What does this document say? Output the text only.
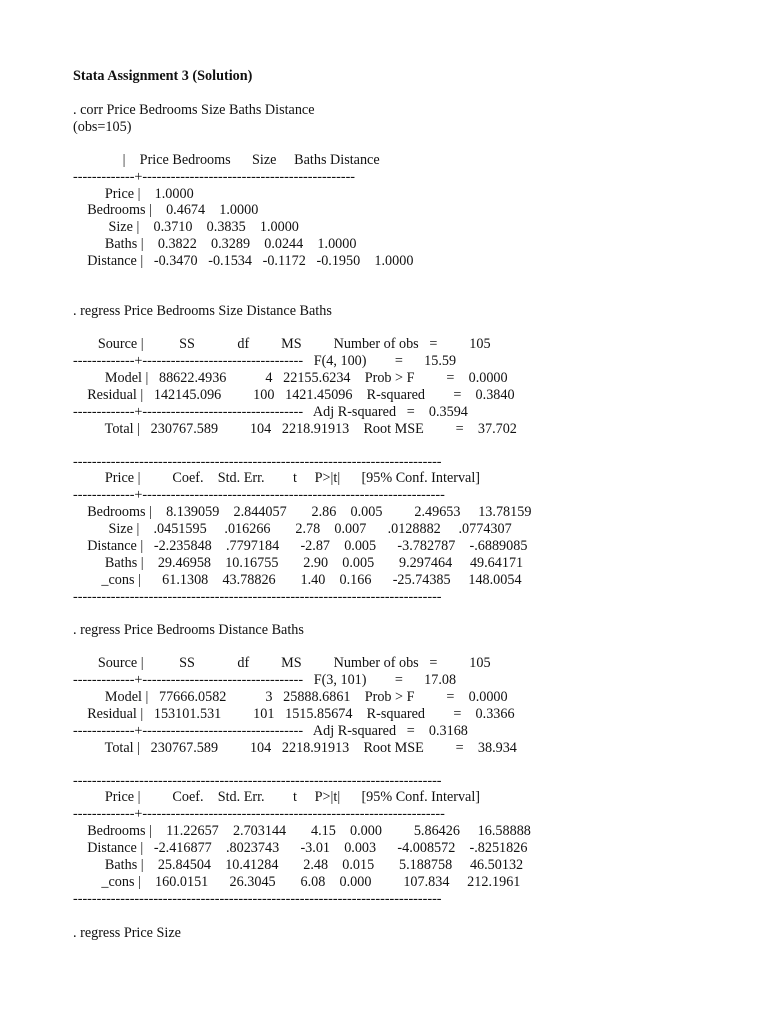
Stata Assignment 3 (Solution)

. corr Price Bedrooms Size Baths Distance

(obs=105)

|    Price Bedrooms      Size     Baths Distance

-------------+---------------------------------------------

Price |    1.0000

Bedrooms |    0.4674    1.0000

Size |    0.3710    0.3835    1.0000

Baths |    0.3822    0.3289    0.0244    1.0000

Distance |   -0.3470   -0.1534   -0.1172   -0.1950    1.0000

. regress Price Bedrooms Size Distance Baths

Source |          SS            df         MS         Number of obs   =         105

-------------+----------------------------------   F(4, 100)        =      15.59

Model |   88622.4936           4   22155.6234    Prob > F         =    0.0000

Residual |   142145.096         100   1421.45096    R-squared        =    0.3840

-------------+----------------------------------   Adj R-squared   =    0.3594

Total |   230767.589         104   2218.91913    Root MSE         =    37.702

------------------------------------------------------------------------------

Price |         Coef.    Std. Err.        t     P>|t|      [95% Conf. Interval]

-------------+----------------------------------------------------------------

Bedrooms |    8.139059    2.844057       2.86    0.005         2.49653     13.78159

Size |    .0451595     .016266       2.78    0.007      .0128882     .0774307

Distance |   -2.235848    .7797184      -2.87    0.005      -3.782787    -.6889085

Baths |    29.46958    10.16755       2.90    0.005       9.297464     49.64171

_cons |      61.1308    43.78826       1.40    0.166      -25.74385     148.0054

------------------------------------------------------------------------------

. regress Price Bedrooms Distance Baths

Source |          SS            df         MS         Number of obs   =         105

-------------+----------------------------------   F(3, 101)        =      17.08

Model |   77666.0582           3   25888.6861    Prob > F         =    0.0000

Residual |   153101.531         101   1515.85674    R-squared        =    0.3366

-------------+----------------------------------   Adj R-squared   =    0.3168

Total |   230767.589         104   2218.91913    Root MSE         =    38.934

------------------------------------------------------------------------------

Price |         Coef.    Std. Err.        t     P>|t|      [95% Conf. Interval]

-------------+----------------------------------------------------------------

Bedrooms |    11.22657    2.703144       4.15    0.000         5.86426     16.58888

Distance |   -2.416877    .8023743      -3.01    0.003      -4.008572    -.8251826

Baths |    25.84504    10.41284       2.48    0.015       5.188758     46.50132

_cons |    160.0151      26.3045       6.08    0.000         107.834     212.1961

------------------------------------------------------------------------------

. regress Price Size
